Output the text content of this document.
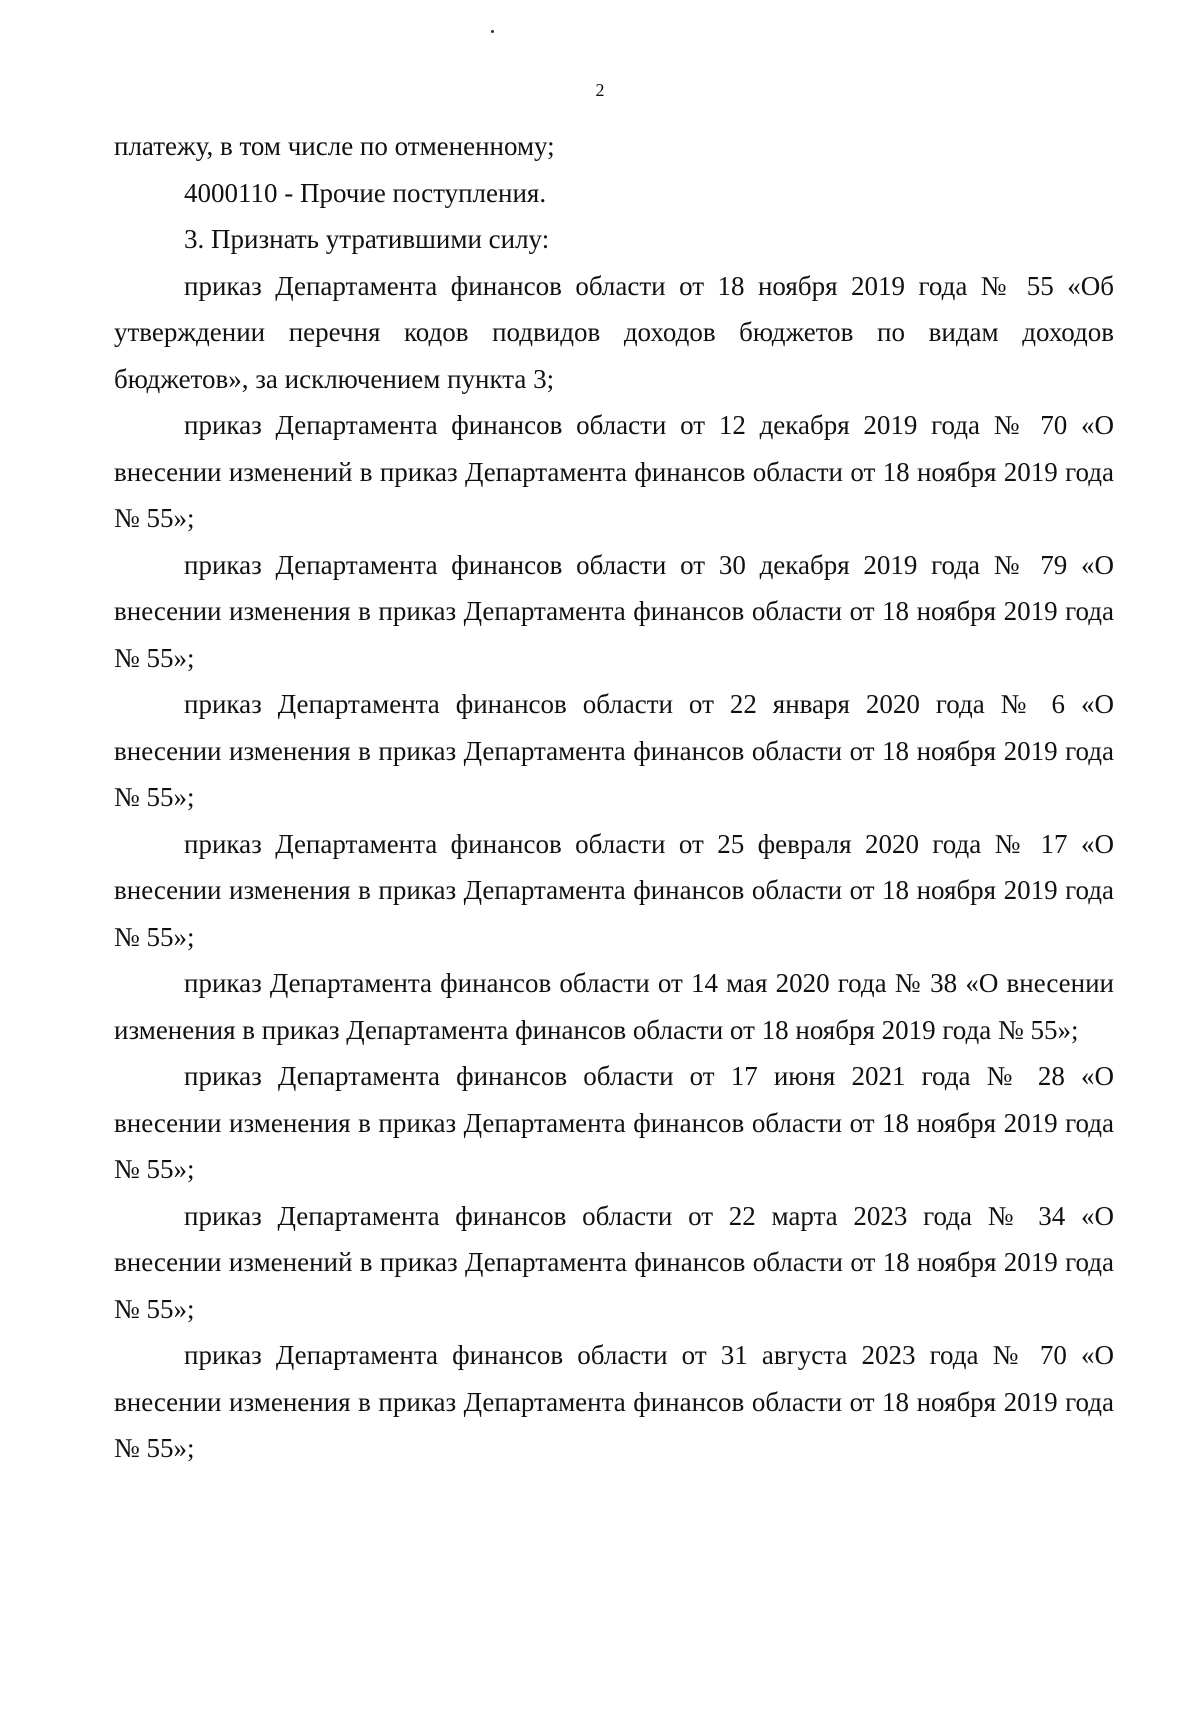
2

платежу, в том числе по отмененному;

4000110 - Прочие поступления.

3. Признать утратившими силу:

приказ Департамента финансов области от 18 ноября 2019 года № 55 «Об утверждении перечня кодов подвидов доходов бюджетов по видам доходов бюджетов», за исключением пункта 3;

приказ Департамента финансов области от 12 декабря 2019 года № 70 «О внесении изменений в приказ Департамента финансов области от 18 ноября 2019 года № 55»;

приказ Департамента финансов области от 30 декабря 2019 года № 79 «О внесении изменения в приказ Департамента финансов области от 18 ноября 2019 года № 55»;

приказ Департамента финансов области от 22 января 2020 года № 6 «О внесении изменения в приказ Департамента финансов области от 18 ноября 2019 года № 55»;

приказ Департамента финансов области от 25 февраля 2020 года № 17 «О внесении изменения в приказ Департамента финансов области от 18 ноября 2019 года № 55»;

приказ Департамента финансов области от 14 мая 2020 года № 38 «О внесении изменения в приказ Департамента финансов области от 18 ноября 2019 года № 55»;

приказ Департамента финансов области от 17 июня 2021 года № 28 «О внесении изменения в приказ Департамента финансов области от 18 ноября 2019 года № 55»;

приказ Департамента финансов области от 22 марта 2023 года № 34 «О внесении изменений в приказ Департамента финансов области от 18 ноября 2019 года № 55»;

приказ Департамента финансов области от 31 августа 2023 года № 70 «О внесении изменения в приказ Департамента финансов области от 18 ноября 2019 года № 55»;
